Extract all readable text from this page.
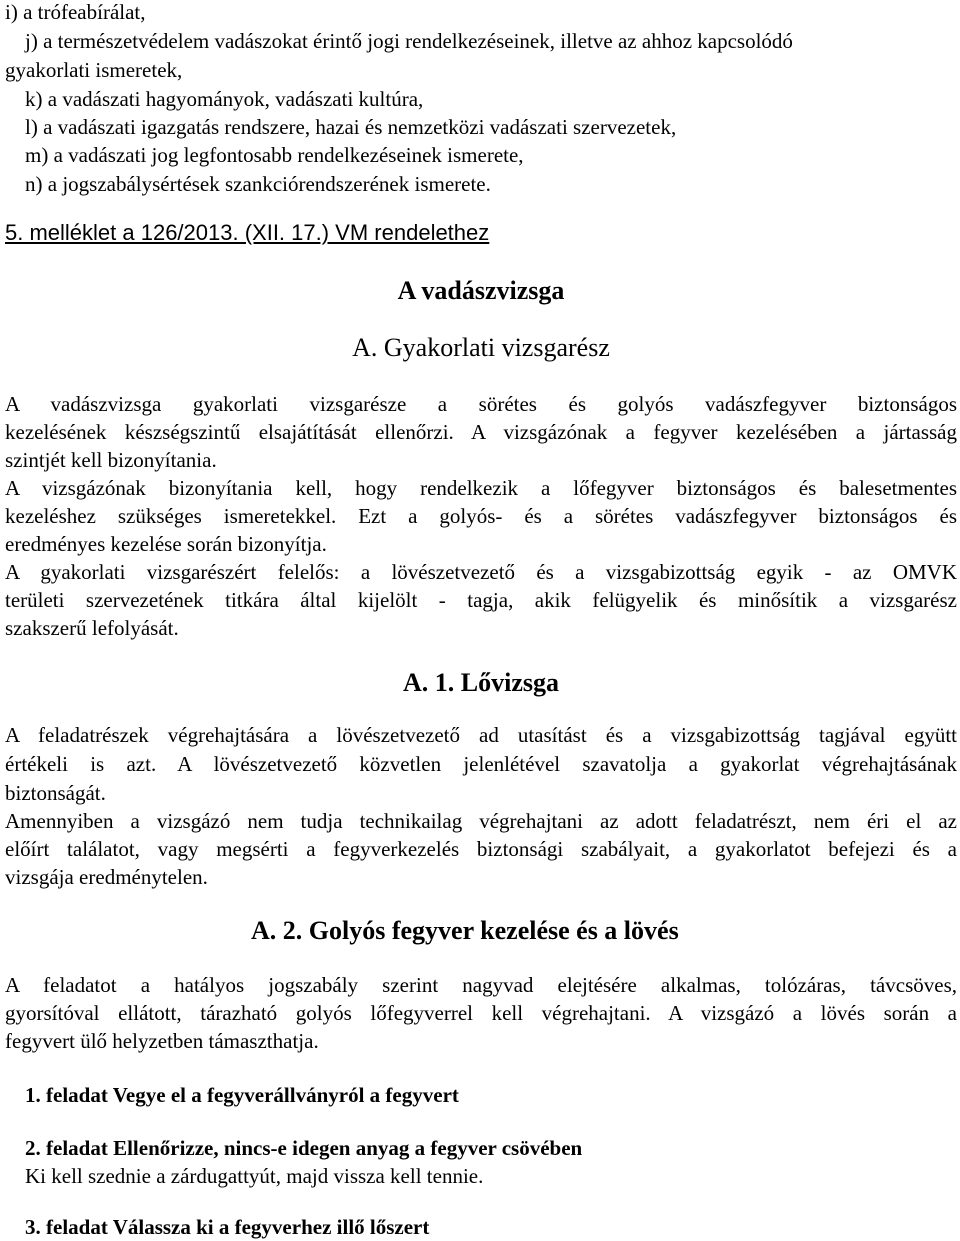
i) a trófeabírálat,
j) a természetvédelem vadászokat érintő jogi rendelkezéseinek, illetve az ahhoz kapcsolódó
gyakorlati ismeretek,
k) a vadászati hagyományok, vadászati kultúra,
l) a vadászati igazgatás rendszere, hazai és nemzetközi vadászati szervezetek,
m) a vadászati jog legfontosabb rendelkezéseinek ismerete,
n) a jogszabálysértések szankciórendszerének ismerete.
5. melléklet a 126/2013. (XII. 17.) VM rendelethez
A vadászvizsga
A. Gyakorlati vizsgarész
A vadászvizsga gyakorlati vizsgarésze a sörétes és golyós vadászfegyver biztonságos
kezelésének készségszintű elsajátítását ellenőrzi. A vizsgázónak a fegyver kezelésében a jártasság
szintjét kell bizonyítania.
A vizsgázónak bizonyítania kell, hogy rendelkezik a lőfegyver biztonságos és balesetmentes
kezeléshez szükséges ismeretekkel. Ezt a golyós- és a sörétes vadászfegyver biztonságos és
eredményes kezelése során bizonyítja.
A gyakorlati vizsgarészért felelős: a lövészetvezető és a vizsgabizottság egyik - az OMVK
területi szervezetének titkára által kijelölt - tagja, akik felügyelik és minősítik a vizsgarész
szakszerű lefolyását.
A. 1. Lővizsga
A feladatrészek végrehajtására a lövészetvezető ad utasítást és a vizsgabizottság tagjával együtt
értékeli is azt. A lövészetvezető közvetlen jelenlétével szavatolja a gyakorlat végrehajtásának
biztonságát.
Amennyiben a vizsgázó nem tudja technikailag végrehajtani az adott feladatrészt, nem éri el az
előírt találatot, vagy megsérti a fegyverkezelés biztonsági szabályait, a gyakorlatot befejezi és a
vizsgája eredménytelen.
A. 2. Golyós fegyver kezelése és a lövés
A feladatot a hatályos jogszabály szerint nagyvad elejtésére alkalmas, tolózáras, távcsöves,
gyorsítóval ellátott, tárazható golyós lőfegyverrel kell végrehajtani. A vizsgázó a lövés során a
fegyvert ülő helyzetben támaszthatja.
1. feladat Vegye el a fegyverállványról a fegyvert
2. feladat Ellenőrizze, nincs-e idegen anyag a fegyver csövében
Ki kell szednie a zárdugattyút, majd vissza kell tennie.
3. feladat Válassza ki a fegyverhez illő lőszert
